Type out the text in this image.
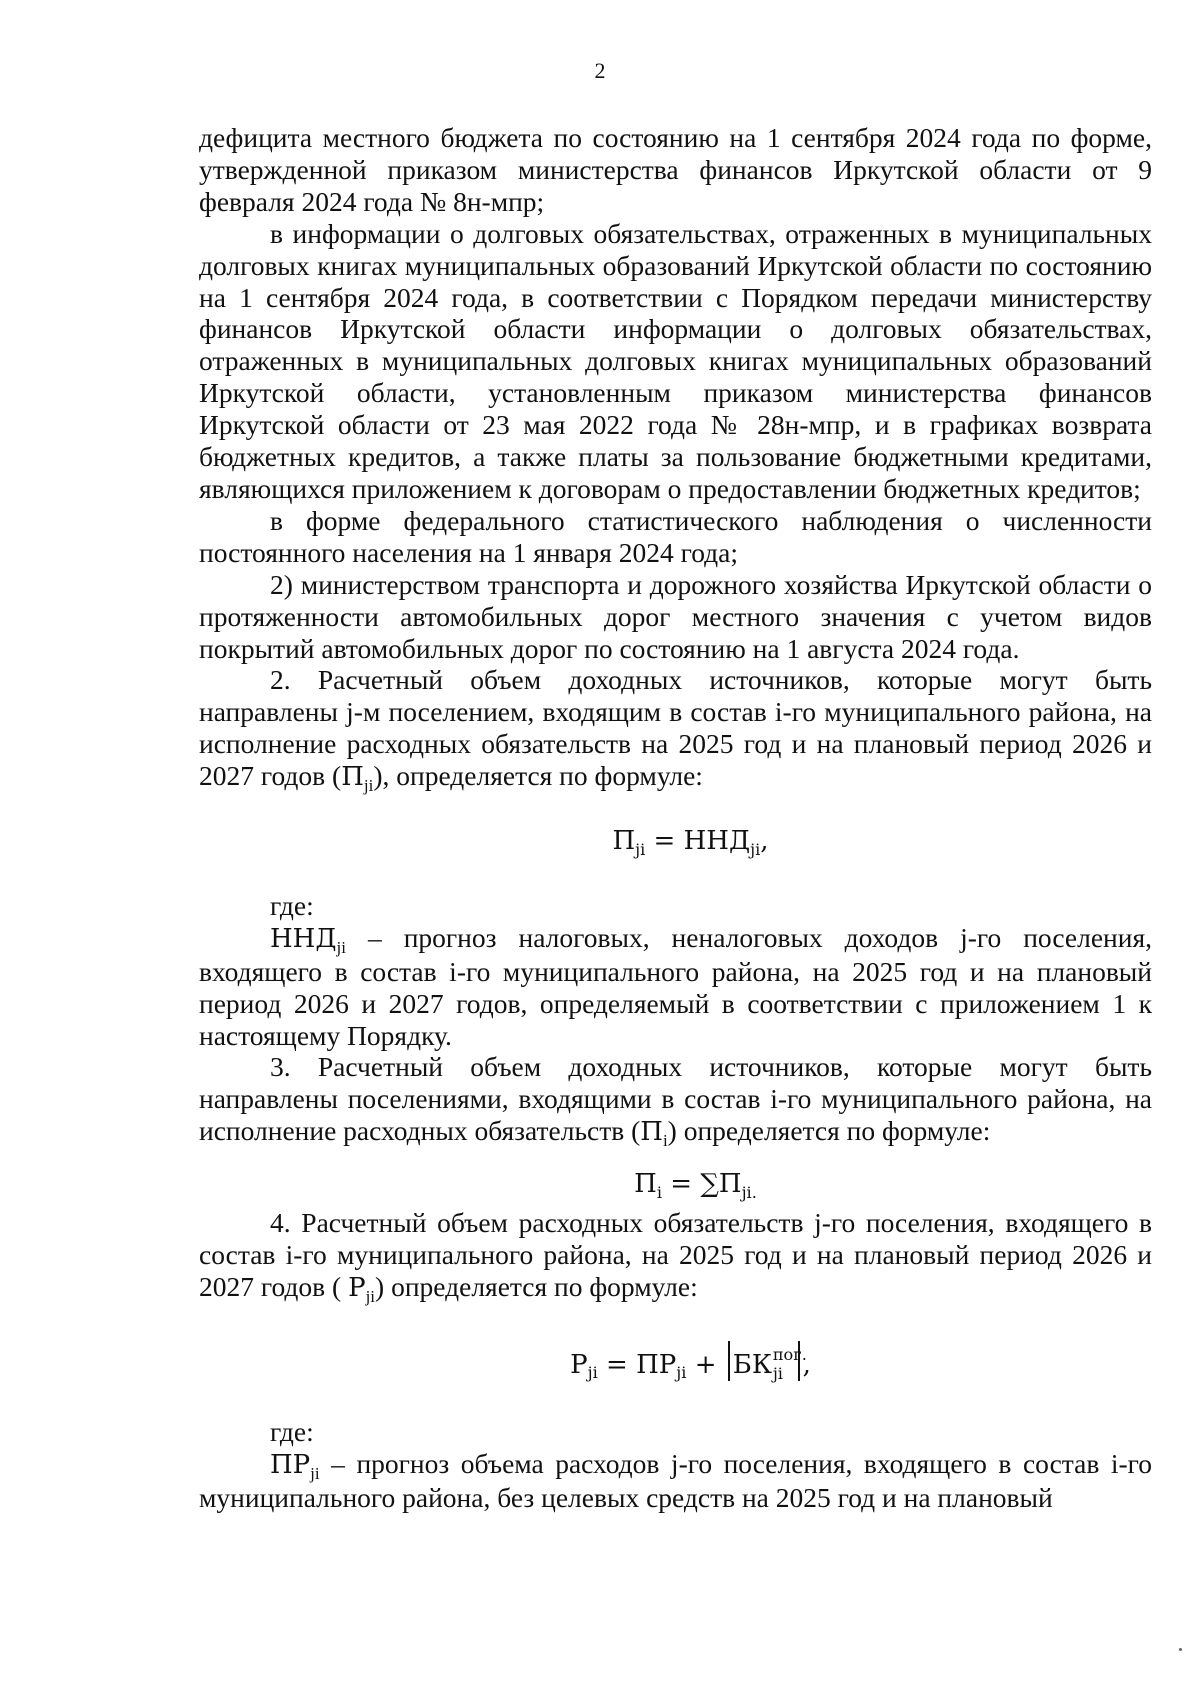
2

дефицита местного бюджета по состоянию на 1 сентября 2024 года по форме, утвержденной приказом министерства финансов Иркутской области от 9 февраля 2024 года № 8н-мпр;

в информации о долговых обязательствах, отраженных в муниципальных долговых книгах муниципальных образований Иркутской области по состоянию на 1 сентября 2024 года, в соответствии с Порядком передачи министерству финансов Иркутской области информации о долговых обязательствах, отраженных в муниципальных долговых книгах муниципальных образований Иркутской области, установленным приказом министерства финансов Иркутской области от 23 мая 2022 года № 28н-мпр, и в графиках возврата бюджетных кредитов, а также платы за пользование бюджетными кредитами, являющихся приложением к договорам о предоставлении бюджетных кредитов;

в форме федерального статистического наблюдения о численности постоянного населения на 1 января 2024 года;

2) министерством транспорта и дорожного хозяйства Иркутской области о протяженности автомобильных дорог местного значения с учетом видов покрытий автомобильных дорог по состоянию на 1 августа 2024 года.

2. Расчетный объем доходных источников, которые могут быть направлены j-м поселением, входящим в состав i-го муниципального района, на исполнение расходных обязательств на 2025 год и на плановый период 2026 и 2027 годов $(П_{ji})$, определяется по формуле:

$П_{ji} = ННД_{ji}$,

где:

$ННД_{ji}$ – прогноз налоговых, неналоговых доходов j-го поселения, входящего в состав i-го муниципального района, на 2025 год и на плановый период 2026 и 2027 годов, определяемый в соответствии с приложением 1 к настоящему Порядку.

3. Расчетный объем доходных источников, которые могут быть направлены поселениями, входящими в состав i-го муниципального района, на исполнение расходных обязательств $(П_i)$ определяется по формуле:

$П_i = \sum П_{ji.}$

4. Расчетный объем расходных обязательств j-го поселения, входящего в состав i-го муниципального района, на 2025 год и на плановый период 2026 и 2027 годов ( $Р_{ji}$) определяется по формуле:

$Р_{ji} = ПР_{ji}$ + БК пог.
ji ,

где:

$ПР_{ji}$ – прогноз объема расходов j-го поселения, входящего в состав i-го муниципального района, без целевых средств на 2025 год и на плановый
